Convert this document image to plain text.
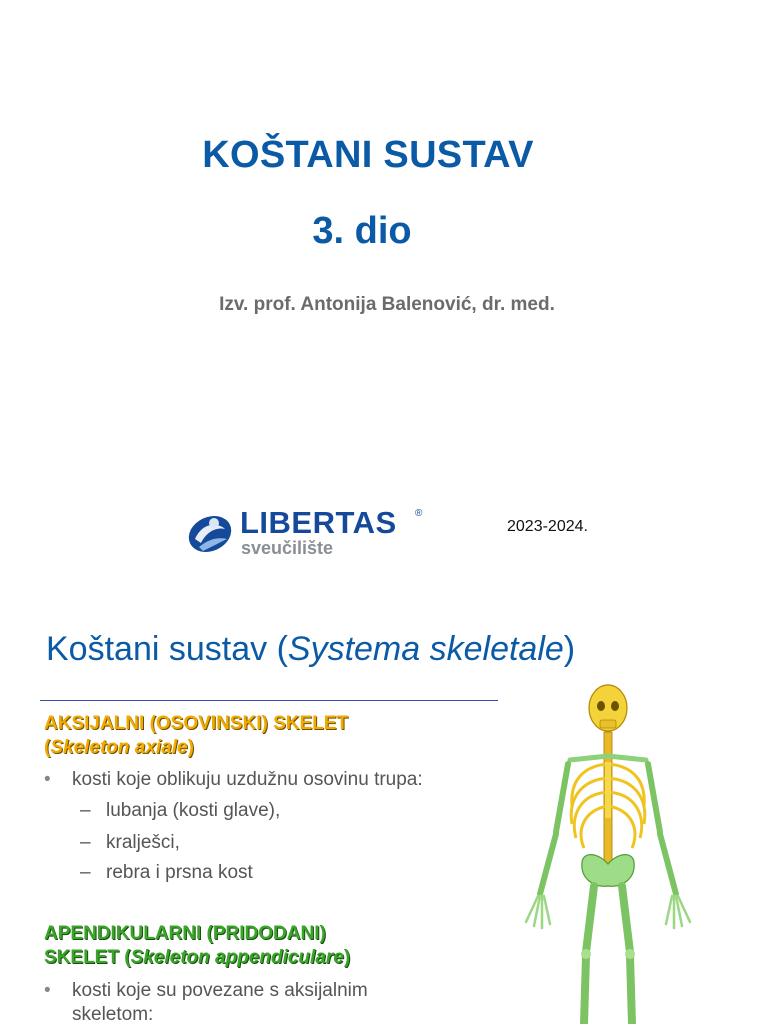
KOŠTANI SUSTAV
3. dio
Izv. prof. Antonija Balenović, dr. med.
LIBERTAS ®
sveučilište
2023-2024.
Koštani sustav (Systema skeletale)
AKSIJALNI (OSOVINSKI) SKELET
(Skeleton axiale)
• kosti koje oblikuju uzdužnu osovinu trupa:
– lubanja (kosti glave),
– kralješci,
– rebra i prsna kost
APENDIKULARNI (PRIDODANI)
SKELET (Skeleton appendiculare)
• kosti koje su povezane s aksijalnim
skeletom:
